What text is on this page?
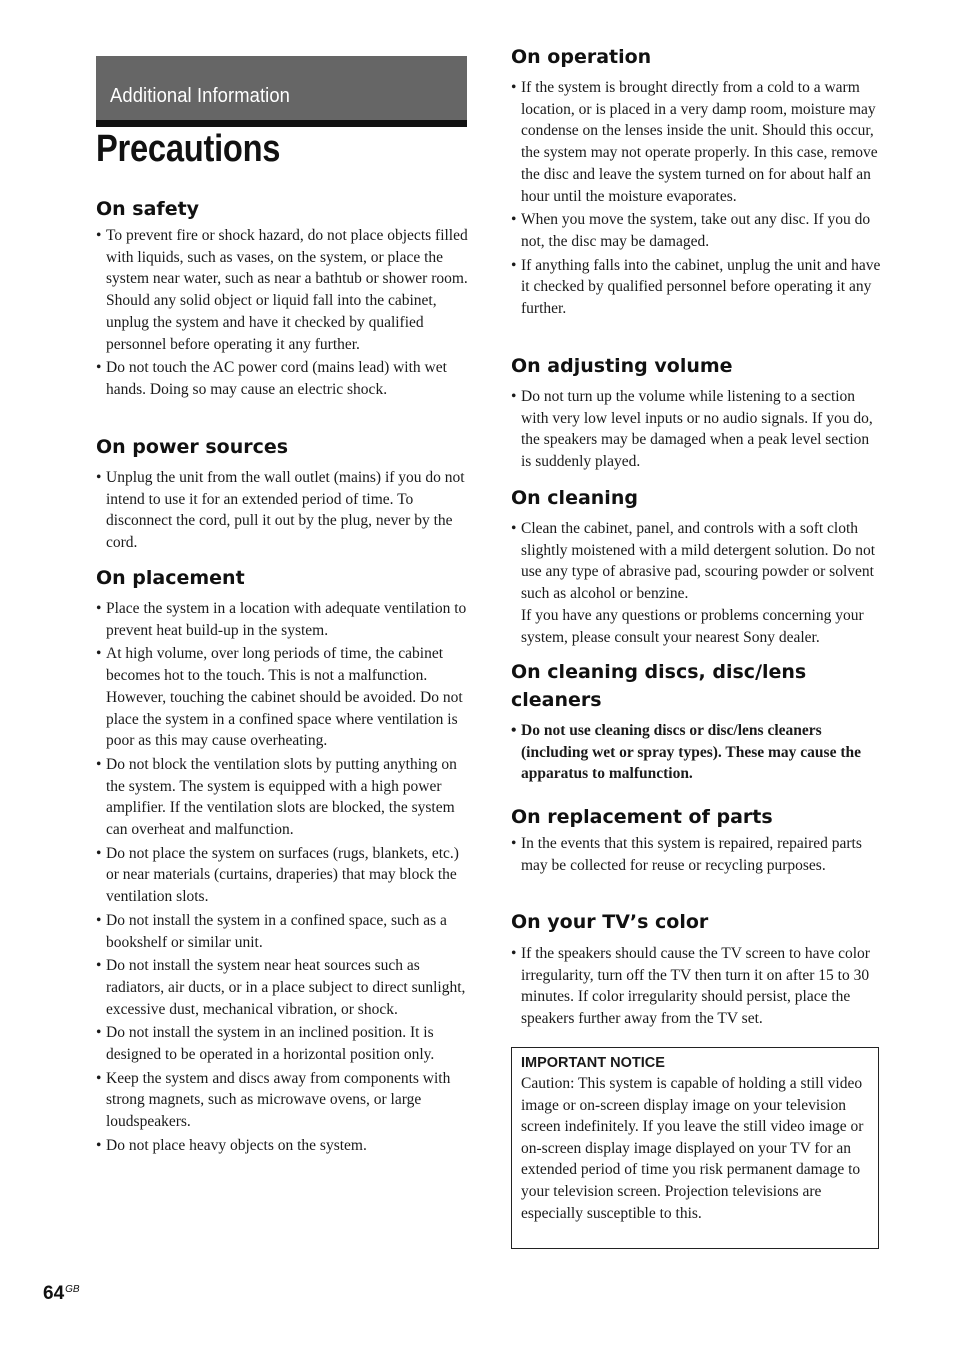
Additional Information
Precautions
On safety
• To prevent fire or shock hazard, do not place objects filled with liquids, such as vases, on the system, or place the system near water, such as near a bathtub or shower room. Should any solid object or liquid fall into the cabinet, unplug the system and have it checked by qualified personnel before operating it any further.
• Do not touch the AC power cord (mains lead) with wet hands. Doing so may cause an electric shock.
On power sources
• Unplug the unit from the wall outlet (mains) if you do not intend to use it for an extended period of time. To disconnect the cord, pull it out by the plug, never by the cord.
On placement
• Place the system in a location with adequate ventilation to prevent heat build-up in the system.
• At high volume, over long periods of time, the cabinet becomes hot to the touch. This is not a malfunction. However, touching the cabinet should be avoided. Do not place the system in a confined space where ventilation is poor as this may cause overheating.
• Do not block the ventilation slots by putting anything on the system. The system is equipped with a high power amplifier. If the ventilation slots are blocked, the system can overheat and malfunction.
• Do not place the system on surfaces (rugs, blankets, etc.) or near materials (curtains, draperies) that may block the ventilation slots.
• Do not install the system in a confined space, such as a bookshelf or similar unit.
• Do not install the system near heat sources such as radiators, air ducts, or in a place subject to direct sunlight, excessive dust, mechanical vibration, or shock.
• Do not install the system in an inclined position. It is designed to be operated in a horizontal position only.
• Keep the system and discs away from components with strong magnets, such as microwave ovens, or large loudspeakers.
• Do not place heavy objects on the system.
On operation
• If the system is brought directly from a cold to a warm location, or is placed in a very damp room, moisture may condense on the lenses inside the unit. Should this occur, the system may not operate properly. In this case, remove the disc and leave the system turned on for about half an hour until the moisture evaporates.
• When you move the system, take out any disc. If you do not, the disc may be damaged.
• If anything falls into the cabinet, unplug the unit and have it checked by qualified personnel before operating it any further.
On adjusting volume
• Do not turn up the volume while listening to a section with very low level inputs or no audio signals. If you do, the speakers may be damaged when a peak level section is suddenly played.
On cleaning
• Clean the cabinet, panel, and controls with a soft cloth slightly moistened with a mild detergent solution. Do not use any type of abrasive pad, scouring powder or solvent such as alcohol or benzine.
If you have any questions or problems concerning your system, please consult your nearest Sony dealer.
On cleaning discs, disc/lens cleaners
• Do not use cleaning discs or disc/lens cleaners (including wet or spray types). These may cause the apparatus to malfunction.
On replacement of parts
• In the events that this system is repaired, repaired parts may be collected for reuse or recycling purposes.
On your TV’s color
• If the speakers should cause the TV screen to have color irregularity, turn off the TV then turn it on after 15 to 30 minutes. If color irregularity should persist, place the speakers further away from the TV set.

IMPORTANT NOTICE

Caution: This system is capable of holding a still video image or on-screen display image on your television screen indefinitely. If you leave the still video image or on-screen display image displayed on your TV for an extended period of time you risk permanent damage to your television screen. Projection televisions are especially susceptible to this.

$64^{GB}$
